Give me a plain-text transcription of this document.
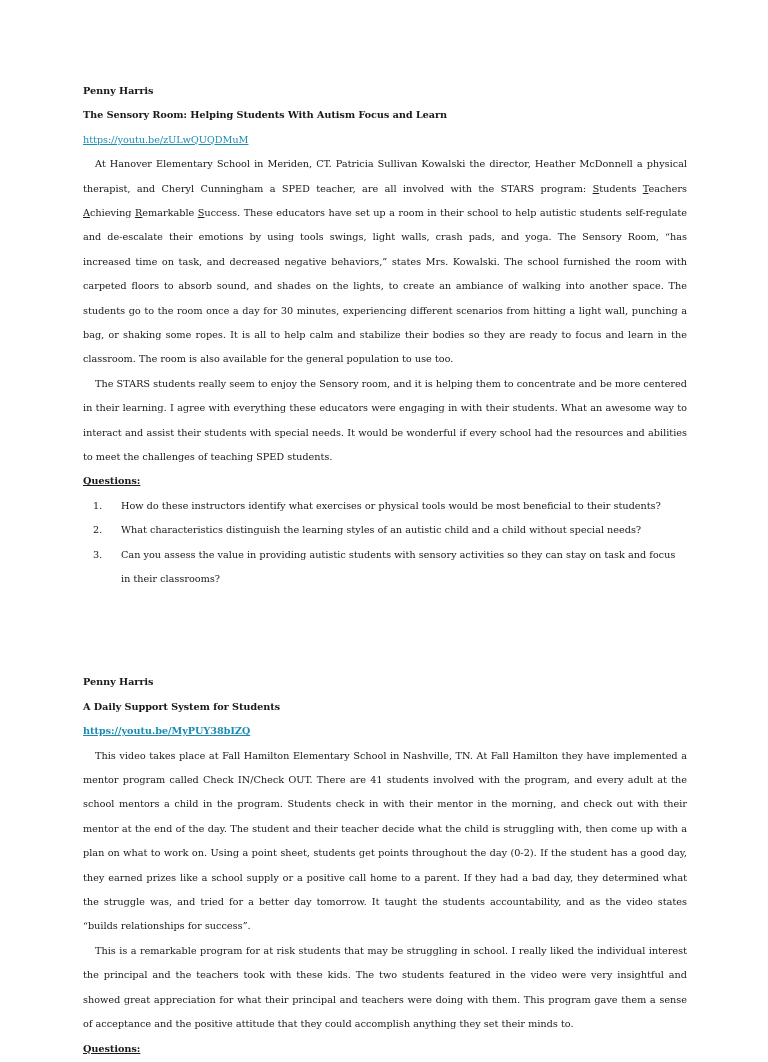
Penny Harris
The Sensory Room: Helping Students With Autism Focus and Learn
https://youtu.be/zULwQUQDMuM
At Hanover Elementary School in Meriden, CT. Patricia Sullivan Kowalski the director, Heather McDonnell a physical therapist, and Cheryl Cunningham a SPED teacher, are all involved with the STARS program: Students Teachers Achieving Remarkable Success. These educators have set up a room in their school to help autistic students self-regulate and de-escalate their emotions by using tools swings, light walls, crash pads, and yoga. The Sensory Room, “has increased time on task, and decreased negative behaviors,” states Mrs. Kowalski. The school furnished the room with carpeted floors to absorb sound, and shades on the lights, to create an ambiance of walking into another space. The students go to the room once a day for 30 minutes, experiencing different scenarios from hitting a light wall, punching a bag, or shaking some ropes. It is all to help calm and stabilize their bodies so they are ready to focus and learn in the classroom. The room is also available for the general population to use too.
The STARS students really seem to enjoy the Sensory room, and it is helping them to concentrate and be more centered in their learning. I agree with everything these educators were engaging in with their students. What an awesome way to interact and assist their students with special needs. It would be wonderful if every school had the resources and abilities to meet the challenges of teaching SPED students.
Questions:
1. How do these instructors identify what exercises or physical tools would be most beneficial to their students?
2. What characteristics distinguish the learning styles of an autistic child and a child without special needs?
3. Can you assess the value in providing autistic students with sensory activities so they can stay on task and focus in their classrooms?
Penny Harris
A Daily Support System for Students
https://youtu.be/MyPUY38bIZQ
This video takes place at Fall Hamilton Elementary School in Nashville, TN. At Fall Hamilton they have implemented a mentor program called Check IN/Check OUT. There are 41 students involved with the program, and every adult at the school mentors a child in the program. Students check in with their mentor in the morning, and check out with their mentor at the end of the day. The student and their teacher decide what the child is struggling with, then come up with a plan on what to work on. Using a point sheet, students get points throughout the day (0-2). If the student has a good day, they earned prizes like a school supply or a positive call home to a parent. If they had a bad day, they determined what the struggle was, and tried for a better day tomorrow. It taught the students accountability, and as the video states “builds relationships for success”.
This is a remarkable program for at risk students that may be struggling in school. I really liked the individual interest the principal and the teachers took with these kids. The two students featured in the video were very insightful and showed great appreciation for what their principal and teachers were doing with them. This program gave them a sense of acceptance and the positive attitude that they could accomplish anything they set their minds to.
Questions:
